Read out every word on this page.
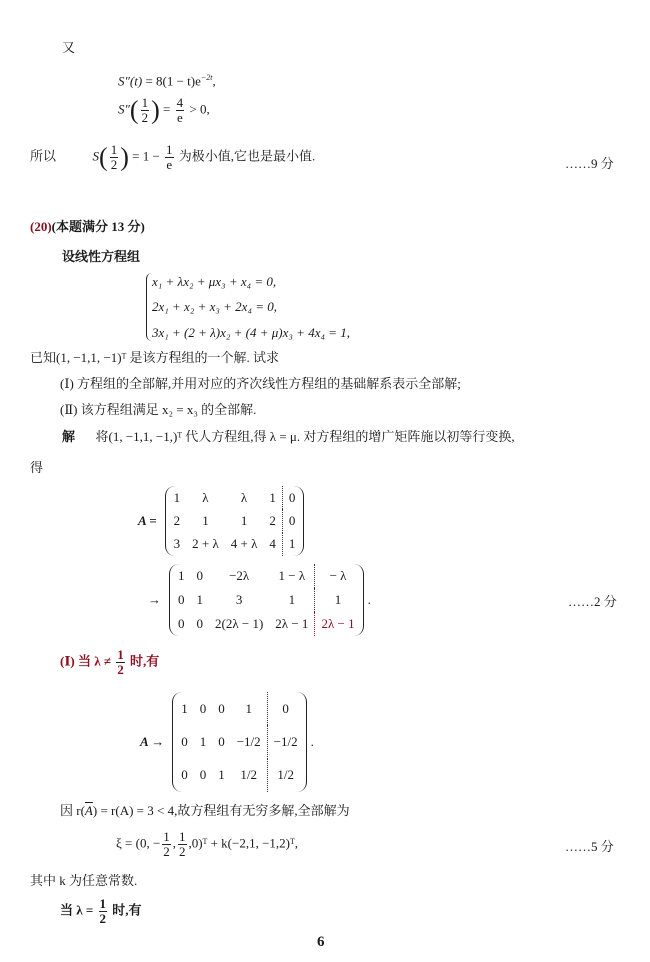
又
$S''(t) = 8(1 - t)e^{-2t}$,
$S''( \frac{1}{2}$ ) = $\frac{4}{e} > 0$,
所以	$S( \frac{1}{2}$ ) = $1 - \frac{1}{e}$ 为极小值,它也是最小值.
……9 分
(20)(本题满分 13 分)
设线性方程组
x₁ + λx₂ + μx₃ + x₄ = 0,
2x₁ + x₂ + x₃ + 2x₄ = 0,
3x₁ + (2 + λ)x₂ + (4 + μ)x₃ + 4x₄ = 1,
已知(1, −1,1, −1)ᵀ 是该方程组的一个解. 试求
(Ⅰ) 方程组的全部解,并用对应的齐次线性方程组的基础解系表示全部解;
(Ⅱ) 该方程组满足 x₂ = x₃ 的全部解.
解 将(1, −1,1, −1,)ᵀ 代人方程组,得 λ = μ. 对方程组的增广矩阵施以初等行变换,
得
A =
1	λ	λ	1	0
2	1	1	2	0
3	2 + λ	4 + λ	4	1
→
1	0	−2λ	1 − λ	− λ
0	1	3	1	1
0	0	2(2λ − 1)	2λ − 1	2λ − 1
.	……2 分
(Ⅰ) 当 $\lambda \ne \frac{1}{2}$ 时,有
A →
1	0	0	1	0
0	1	0	−1/2	−1/2
0	0	1	1/2	1/2
.
因 $r(\overline{A}) = r(A) = 3 < 4$,故方程组有无穷多解,全部解为
ξ = (0, − $\frac{1}{2}$ , $\frac{1}{2}$ ,0)ᵀ + k(−2,1, −1,2)ᵀ,	……5 分
其中 k 为任意常数.
当 $\lambda = \frac{1}{2}$ 时,有
6
